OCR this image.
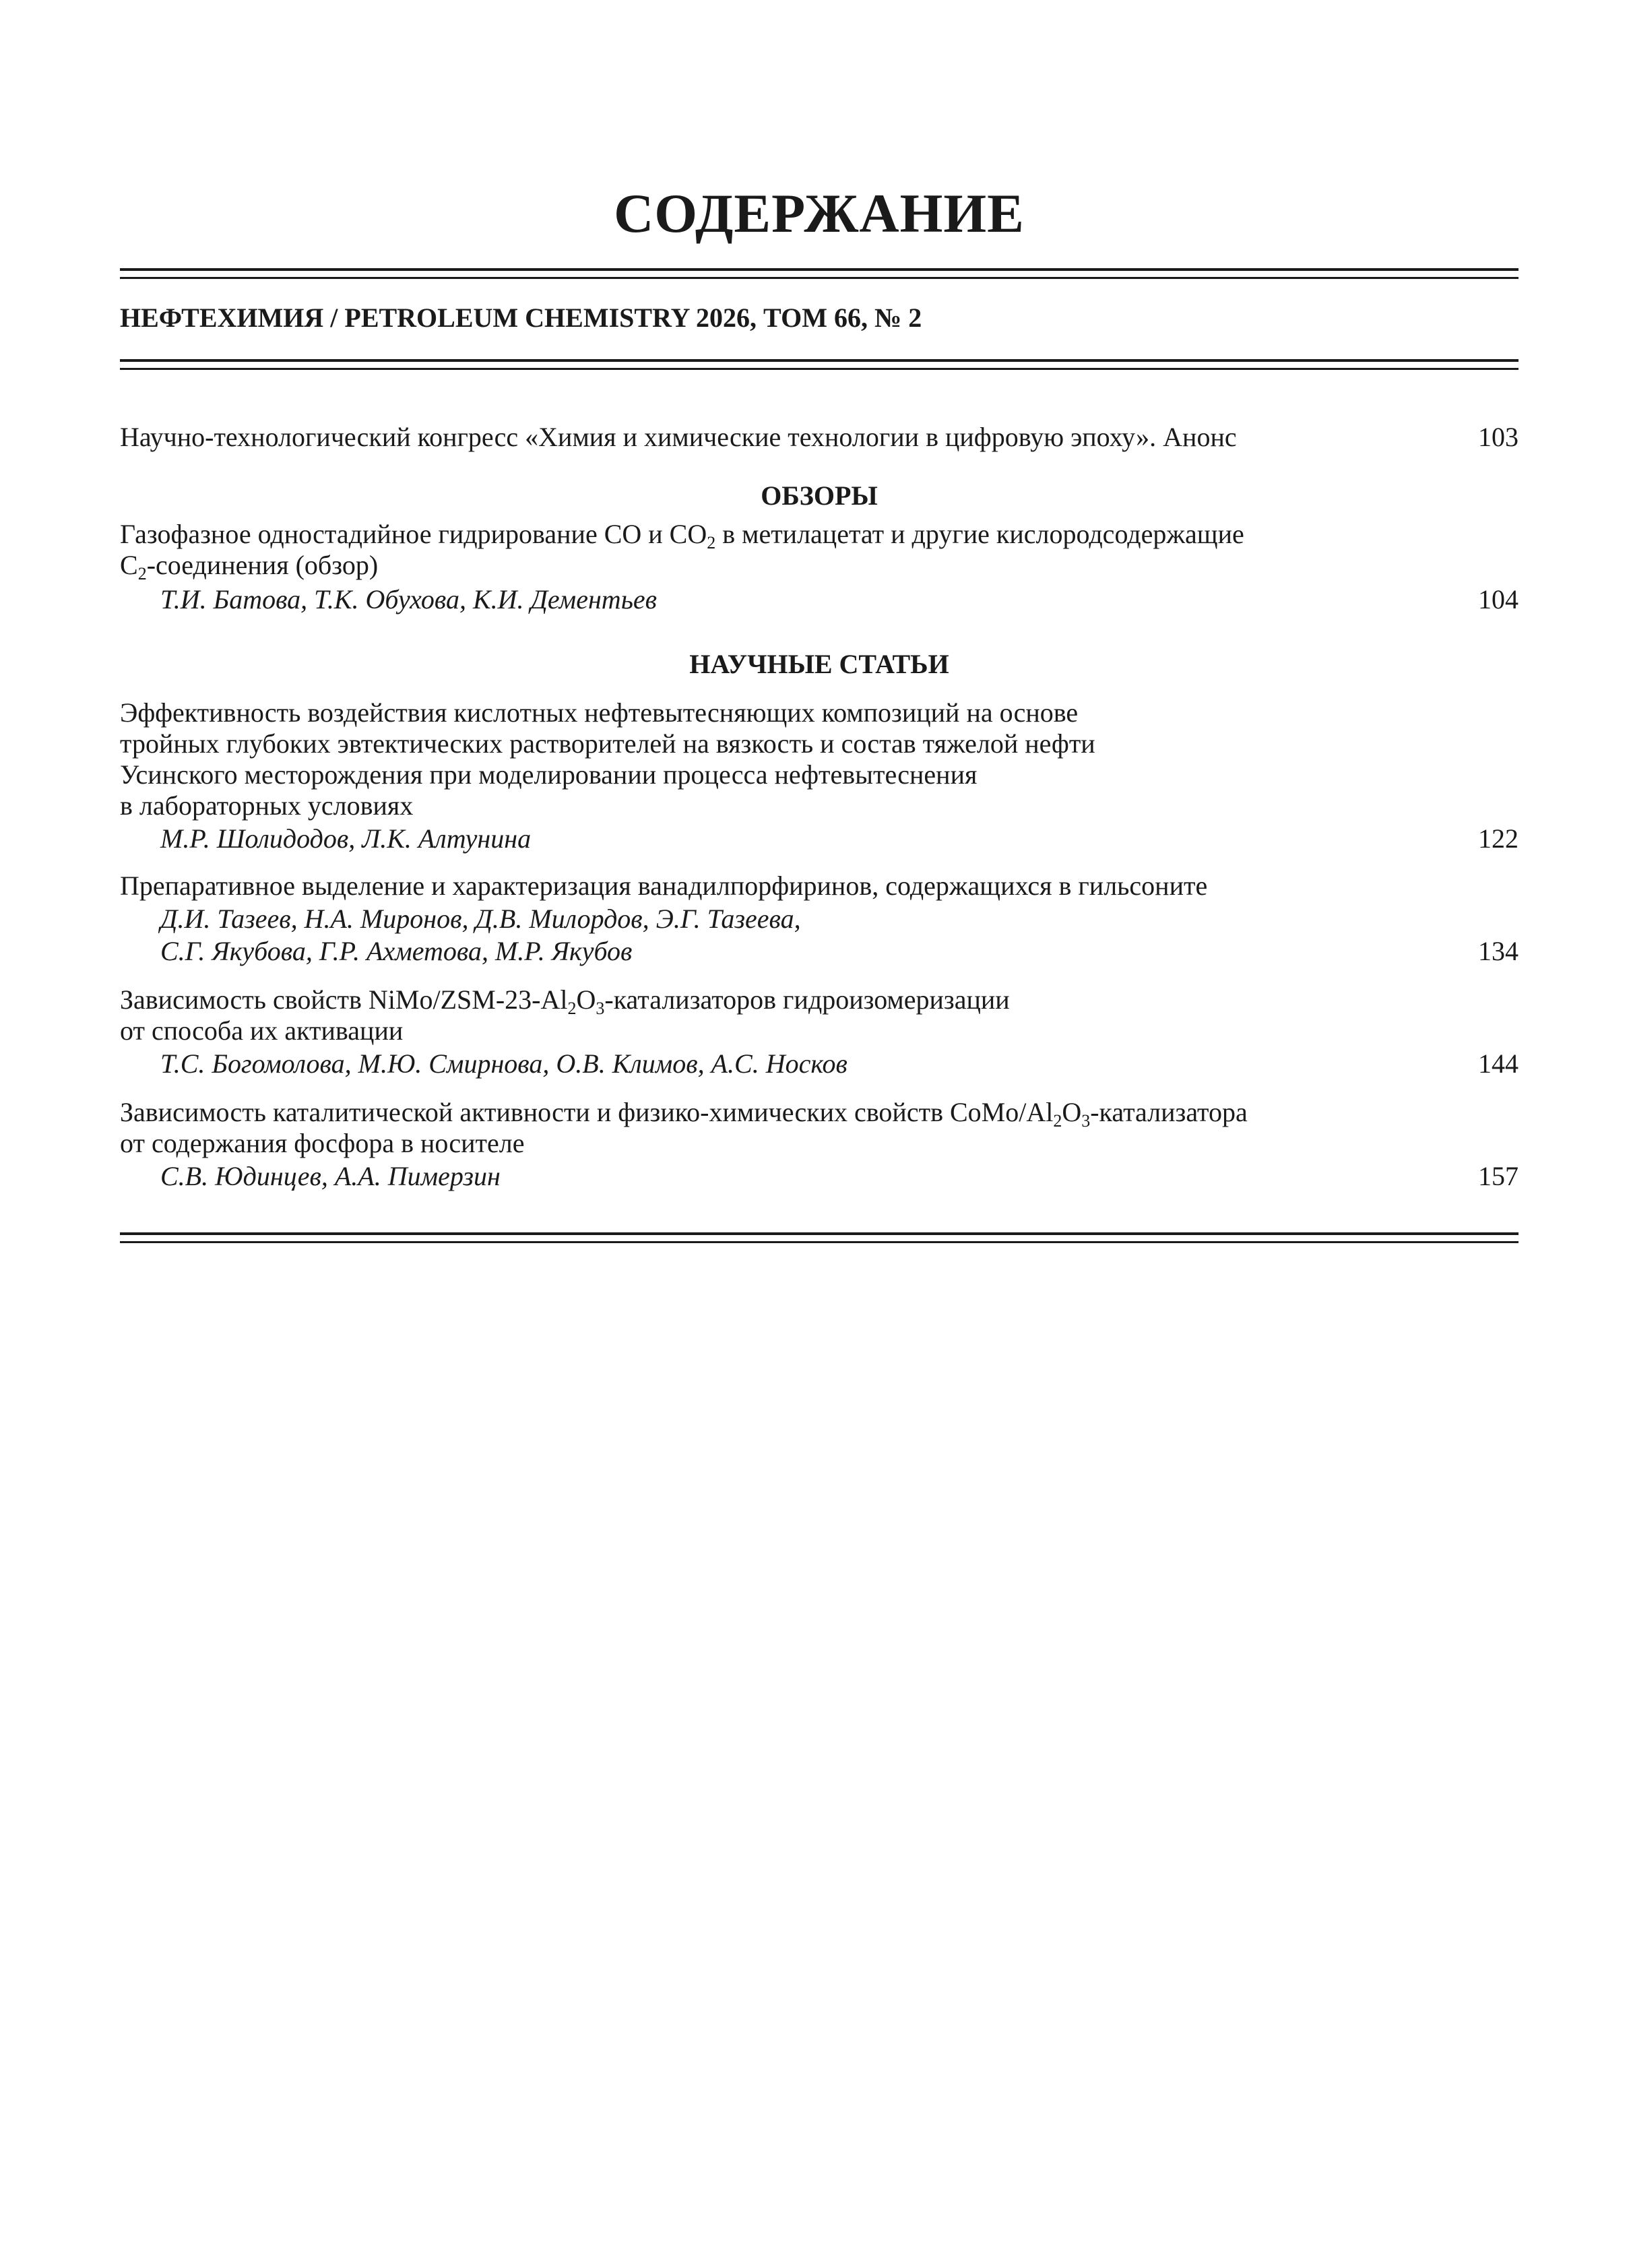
СОДЕРЖАНИЕ
НЕФТЕХИМИЯ / PETROLEUM CHEMISTRY 2026, ТОМ 66, № 2
Научно-технологический конгресс «Химия и химические технологии в цифровую эпоху». Анонс	103
ОБЗОРЫ
Газофазное одностадийное гидрирование CO и $CO_2$ в метилацетат и другие кислородсодержащие
$C_2$-соединения (обзор)
Т.И. Батова, Т.К. Обухова, К.И. Дементьев	104
НАУЧНЫЕ СТАТЬИ
Эффективность воздействия кислотных нефтевытесняющих композиций на основе
тройных глубоких эвтектических растворителей на вязкость и состав тяжелой нефти
Усинского месторождения при моделировании процесса нефтевытеснения
в лабораторных условиях
М.Р. Шолидодов, Л.К. Алтунина	122
Препаративное выделение и характеризация ванадилпорфиринов, содержащихся в гильсоните
Д.И. Тазеев, Н.А. Миронов, Д.В. Милордов, Э.Г. Тазеева,
С.Г. Якубова, Г.Р. Ахметова, М.Р. Якубов	134
Зависимость свойств NiMo/$ZSM-23-Al_2O_3$-катализаторов гидроизомеризации
от способа их активации
Т.С. Богомолова, М.Ю. Смирнова, О.В. Климов, А.С. Носков	144
Зависимость каталитической активности и физико-химических свойств CoMo/$Al_2O_3$-катализатора
от содержания фосфора в носителе
С.В. Юдинцев, А.А. Пимерзин	157
